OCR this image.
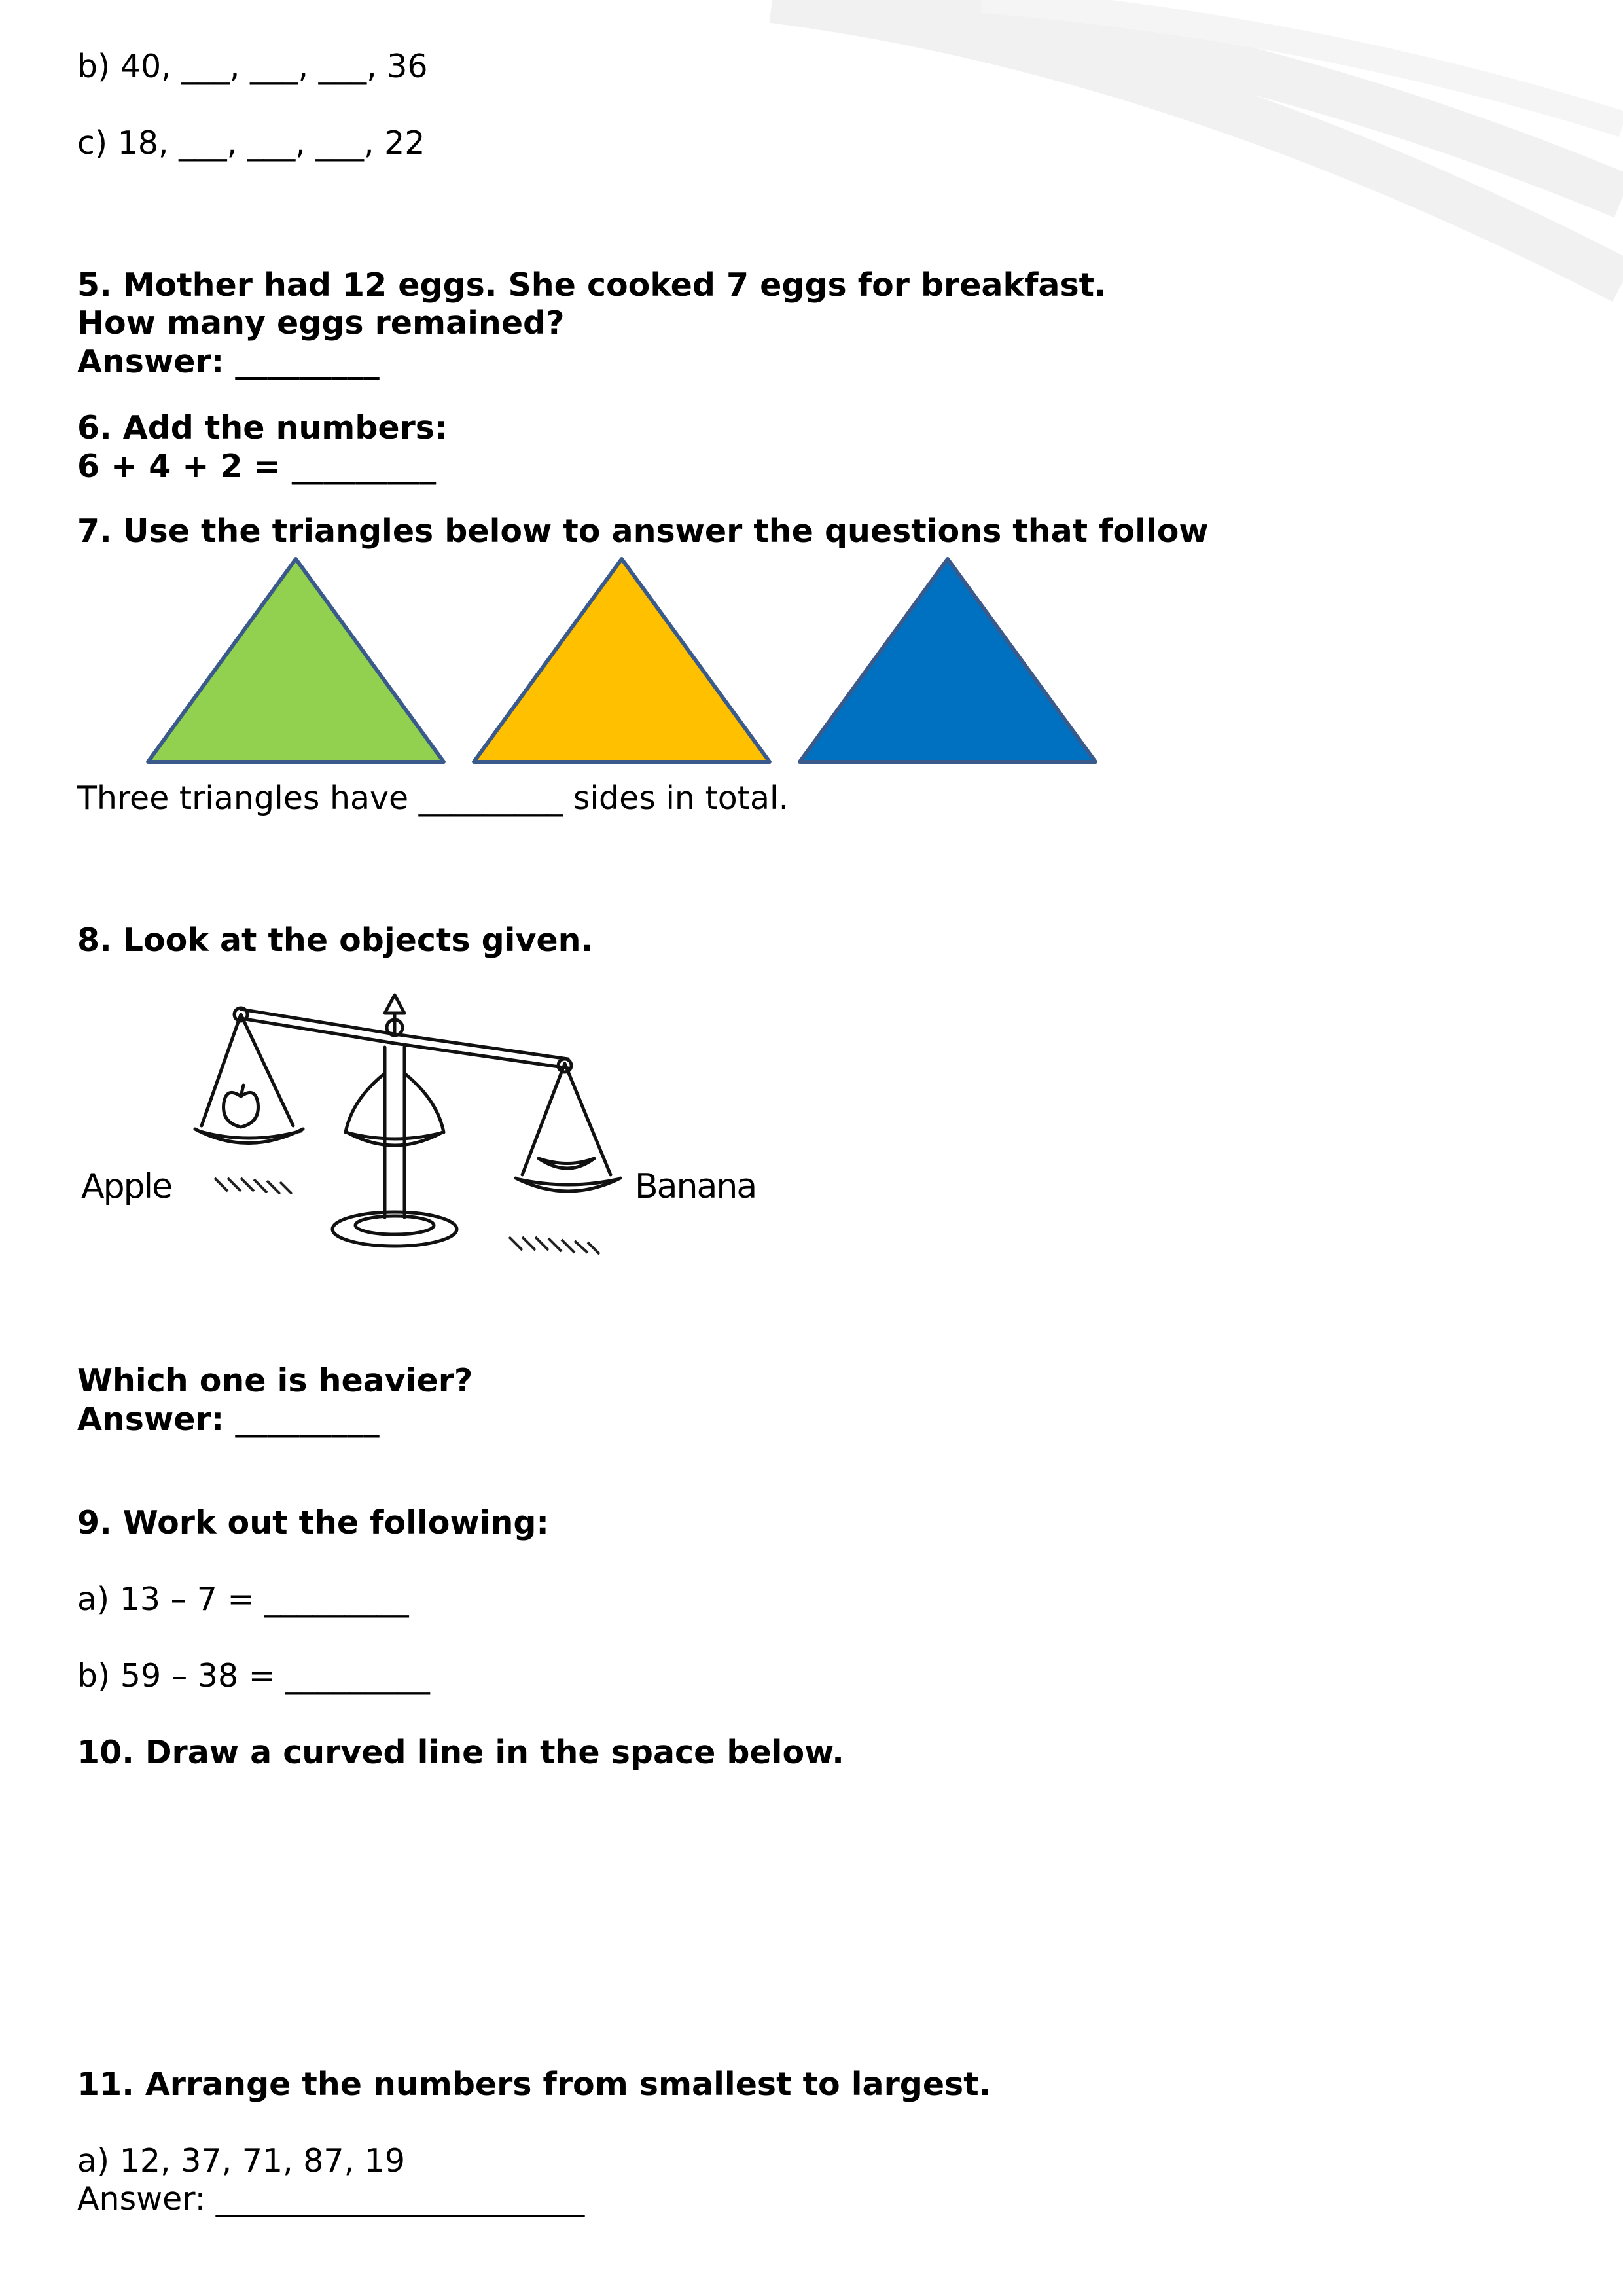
b) 40, ___, ___, ___, 36

c) 18, ___, ___, ___, 22

5. Mother had 12 eggs. She cooked 7 eggs for breakfast.

How many eggs remained?

Answer: _________

6. Add the numbers:

6 + 4 + 2 = _________

7. Use the triangles below to answer the questions that follow

Three triangles have _________ sides in total.

8. Look at the objects given.

Apple	Banana

Which one is heavier?

Answer: _________

9. Work out the following:

a) 13 – 7 = _________

b) 59 – 38 = _________

10. Draw a curved line in the space below.

11. Arrange the numbers from smallest to largest.

a) 12, 37, 71, 87, 19

Answer: _______________________
